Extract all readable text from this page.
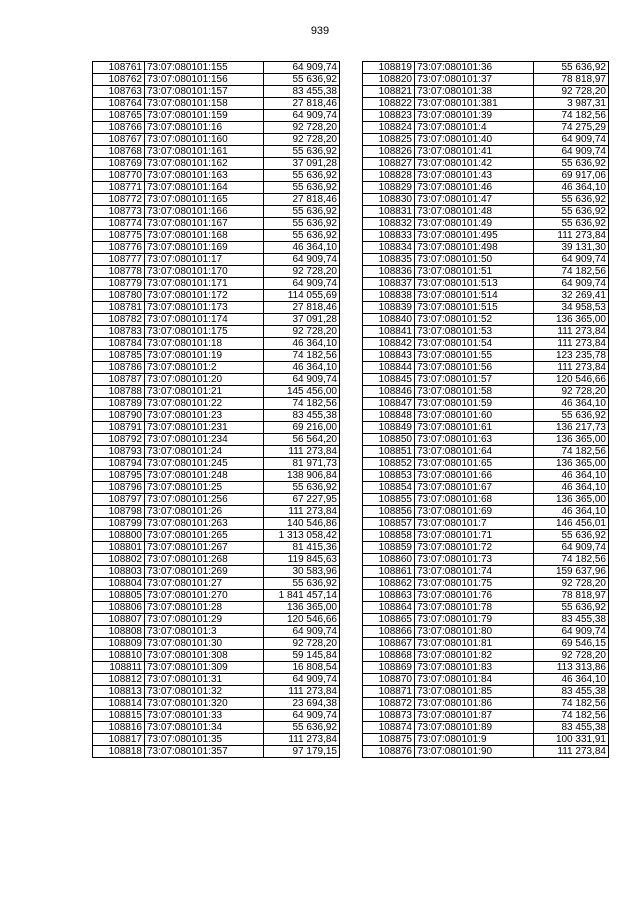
939
108761	73:07:080101:155	64 909,74
108762	73:07:080101:156	55 636,92
108763	73:07:080101:157	83 455,38
108764	73:07:080101:158	27 818,46
108765	73:07:080101:159	64 909,74
108766	73:07:080101:16	92 728,20
108767	73:07:080101:160	92 728,20
108768	73:07:080101:161	55 636,92
108769	73:07:080101:162	37 091,28
108770	73:07:080101:163	55 636,92
108771	73:07:080101:164	55 636,92
108772	73:07:080101:165	27 818,46
108773	73:07:080101:166	55 636,92
108774	73:07:080101:167	55 636,92
108775	73:07:080101:168	55 636,92
108776	73:07:080101:169	46 364,10
108777	73:07:080101:17	64 909,74
108778	73:07:080101:170	92 728,20
108779	73:07:080101:171	64 909,74
108780	73:07:080101:172	114 055,69
108781	73:07:080101:173	27 818,46
108782	73:07:080101:174	37 091,28
108783	73:07:080101:175	92 728,20
108784	73:07:080101:18	46 364,10
108785	73:07:080101:19	74 182,56
108786	73:07:080101:2	46 364,10
108787	73:07:080101:20	64 909,74
108788	73:07:080101:21	145 456,00
108789	73:07:080101:22	74 182,56
108790	73:07:080101:23	83 455,38
108791	73:07:080101:231	69 216,00
108792	73:07:080101:234	56 564,20
108793	73:07:080101:24	111 273,84
108794	73:07:080101:245	81 971,73
108795	73:07:080101:248	138 906,84
108796	73:07:080101:25	55 636,92
108797	73:07:080101:256	67 227,95
108798	73:07:080101:26	111 273,84
108799	73:07:080101:263	140 546,86
108800	73:07:080101:265	1 313 058,42
108801	73:07:080101:267	81 415,36
108802	73:07:080101:268	119 845,63
108803	73:07:080101:269	30 583,96
108804	73:07:080101:27	55 636,92
108805	73:07:080101:270	1 841 457,14
108806	73:07:080101:28	136 365,00
108807	73:07:080101:29	120 546,66
108808	73:07:080101:3	64 909,74
108809	73:07:080101:30	92 728,20
108810	73:07:080101:308	59 145,84
108811	73:07:080101:309	16 808,54
108812	73:07:080101:31	64 909,74
108813	73:07:080101:32	111 273,84
108814	73:07:080101:320	23 694,38
108815	73:07:080101:33	64 909,74
108816	73:07:080101:34	55 636,92
108817	73:07:080101:35	111 273,84
108818	73:07:080101:357	97 179,15
108819	73:07:080101:36	55 636,92
108820	73:07:080101:37	78 818,97
108821	73:07:080101:38	92 728,20
108822	73:07:080101:381	3 987,31
108823	73:07:080101:39	74 182,56
108824	73:07:080101:4	74 275,29
108825	73:07:080101:40	64 909,74
108826	73:07:080101:41	64 909,74
108827	73:07:080101:42	55 636,92
108828	73:07:080101:43	69 917,06
108829	73:07:080101:46	46 364,10
108830	73:07:080101:47	55 636,92
108831	73:07:080101:48	55 636,92
108832	73:07:080101:49	55 636,92
108833	73:07:080101:495	111 273,84
108834	73:07:080101:498	39 131,30
108835	73:07:080101:50	64 909,74
108836	73:07:080101:51	74 182,56
108837	73:07:080101:513	64 909,74
108838	73:07:080101:514	32 269,41
108839	73:07:080101:515	34 958,53
108840	73:07:080101:52	136 365,00
108841	73:07:080101:53	111 273,84
108842	73:07:080101:54	111 273,84
108843	73:07:080101:55	123 235,78
108844	73:07:080101:56	111 273,84
108845	73:07:080101:57	120 546,66
108846	73:07:080101:58	92 728,20
108847	73:07:080101:59	46 364,10
108848	73:07:080101:60	55 636,92
108849	73:07:080101:61	136 217,73
108850	73:07:080101:63	136 365,00
108851	73:07:080101:64	74 182,56
108852	73:07:080101:65	136 365,00
108853	73:07:080101:66	46 364,10
108854	73:07:080101:67	46 364,10
108855	73:07:080101:68	136 365,00
108856	73:07:080101:69	46 364,10
108857	73:07:080101:7	146 456,01
108858	73:07:080101:71	55 636,92
108859	73:07:080101:72	64 909,74
108860	73:07:080101:73	74 182,56
108861	73:07:080101:74	159 637,96
108862	73:07:080101:75	92 728,20
108863	73:07:080101:76	78 818,97
108864	73:07:080101:78	55 636,92
108865	73:07:080101:79	83 455,38
108866	73:07:080101:80	64 909,74
108867	73:07:080101:81	69 546,15
108868	73:07:080101:82	92 728,20
108869	73:07:080101:83	113 313,86
108870	73:07:080101:84	46 364,10
108871	73:07:080101:85	83 455,38
108872	73:07:080101:86	74 182,56
108873	73:07:080101:87	74 182,56
108874	73:07:080101:89	83 455,38
108875	73:07:080101:9	100 331,91
108876	73:07:080101:90	111 273,84
